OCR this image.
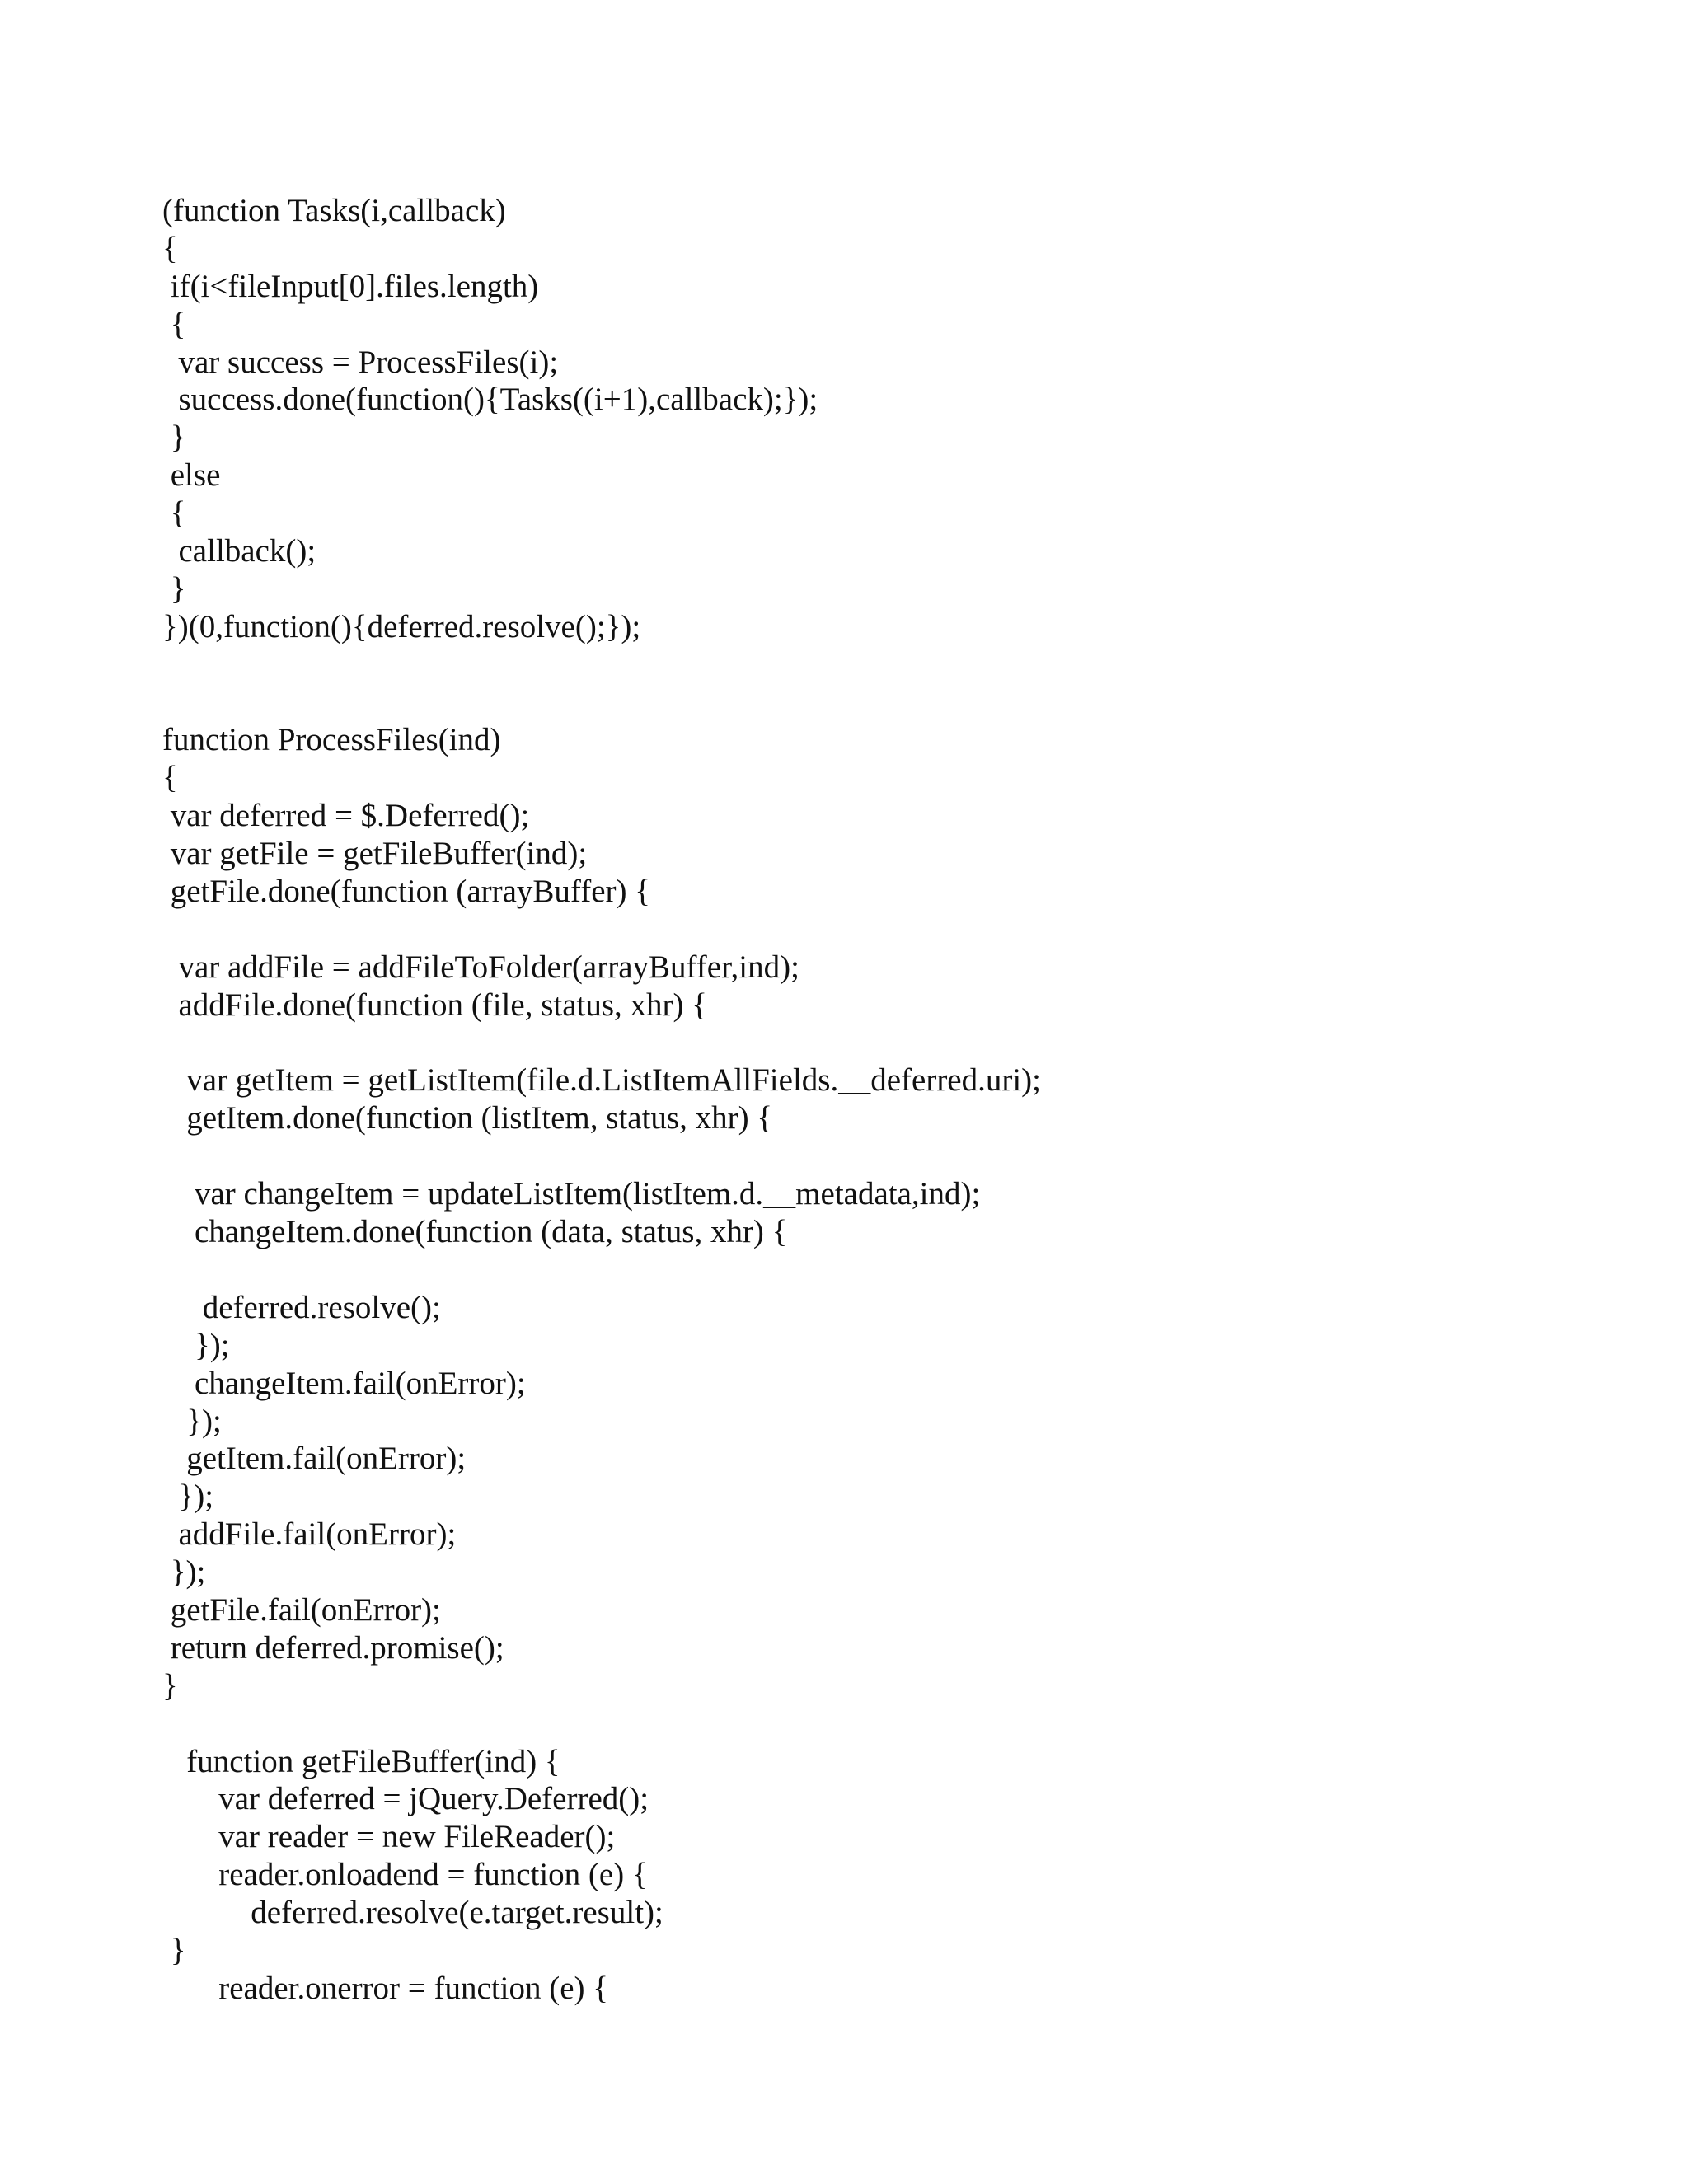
(function Tasks(i,callback)
{
if(i<fileInput[0].files.length)
{
var success = ProcessFiles(i);
success.done(function(){Tasks((i+1),callback);});
}
else
{
callback();
}
})(0,function(){deferred.resolve();});
function ProcessFiles(ind)
{
var deferred = $.Deferred();
var getFile = getFileBuffer(ind);
getFile.done(function (arrayBuffer) {
var addFile = addFileToFolder(arrayBuffer,ind);
addFile.done(function (file, status, xhr) {
var getItem = getListItem(file.d.ListItemAllFields.__deferred.uri);
getItem.done(function (listItem, status, xhr) {
var changeItem = updateListItem(listItem.d.__metadata,ind);
changeItem.done(function (data, status, xhr) {
deferred.resolve();
});
changeItem.fail(onError);
});
getItem.fail(onError);
});
addFile.fail(onError);
});
getFile.fail(onError);
return deferred.promise();
}
function getFileBuffer(ind) {
var deferred = jQuery.Deferred();
var reader = new FileReader();
reader.onloadend = function (e) {
deferred.resolve(e.target.result);
}
reader.onerror = function (e) {
